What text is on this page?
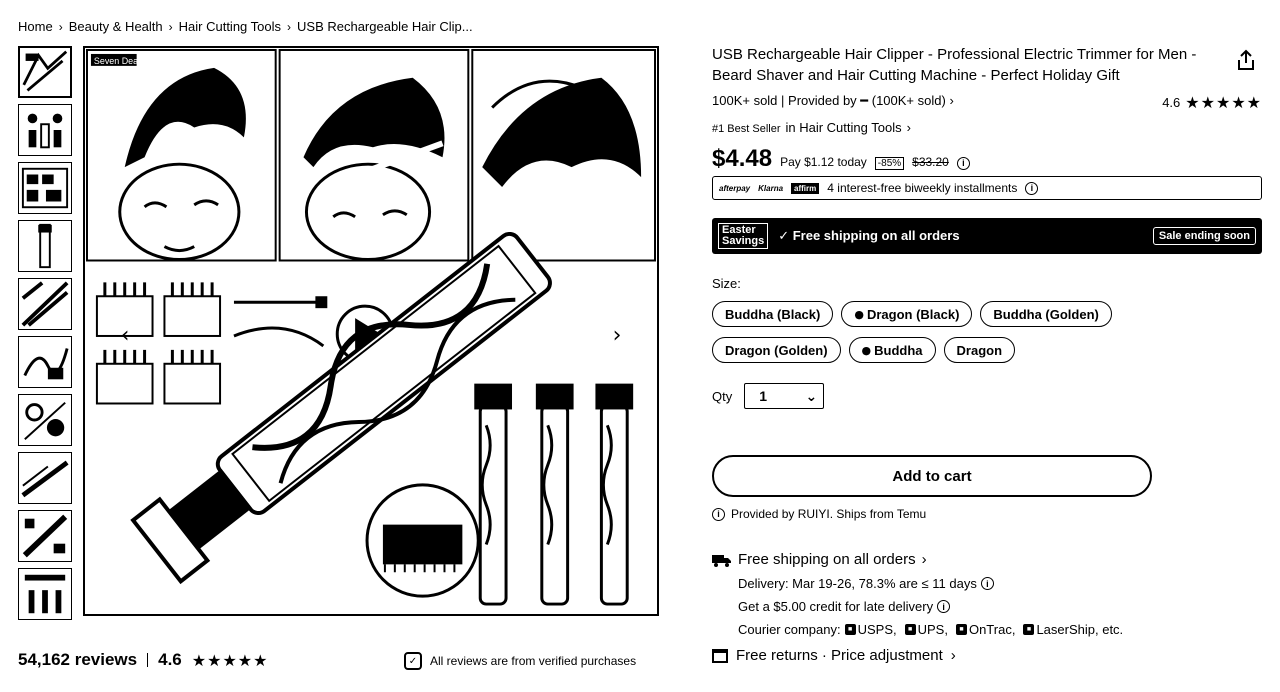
Home › Beauty & Health › Hair Cutting Tools › USB Rechargeable Hair Clip...
Seven Deal
‹	›
54,162 reviews 4.6 ★★★★★	✓	All reviews are from verified purchases
USB Rechargeable Hair Clipper - Professional Electric Trimmer for Men - Beard Shaver and Hair Cutting Machine - Perfect Holiday Gift
100K+ sold | Provided by ━ (100K+ sold) ›	4.6 ★★★★★
#1 Best Seller in Hair Cutting Tools ›
$4.48 Pay $1.12 today	-85% $33.20	i
afterpay Klarna	affirm 4 interest-free biweekly installments	i
Easter
Savings	✓ Free shipping on all orders	Sale ending soon
Size:
Buddha (Black)	● Dragon (Black)	Buddha (Golden)
Dragon (Golden)	● Buddha	Dragon
Qty 1	⌄
Add to cart
i Provided by RUIYI. Ships from Temu
Free shipping on all orders ›
Delivery: Mar 19-26, 78.3% are ≤ 11 days	i
Get a $5.00 credit for late delivery	i
Courier company:	■ USPS,	■ UPS,	■ OnTrac,	■ LaserShip, etc.
Free returns · Price adjustment ›
